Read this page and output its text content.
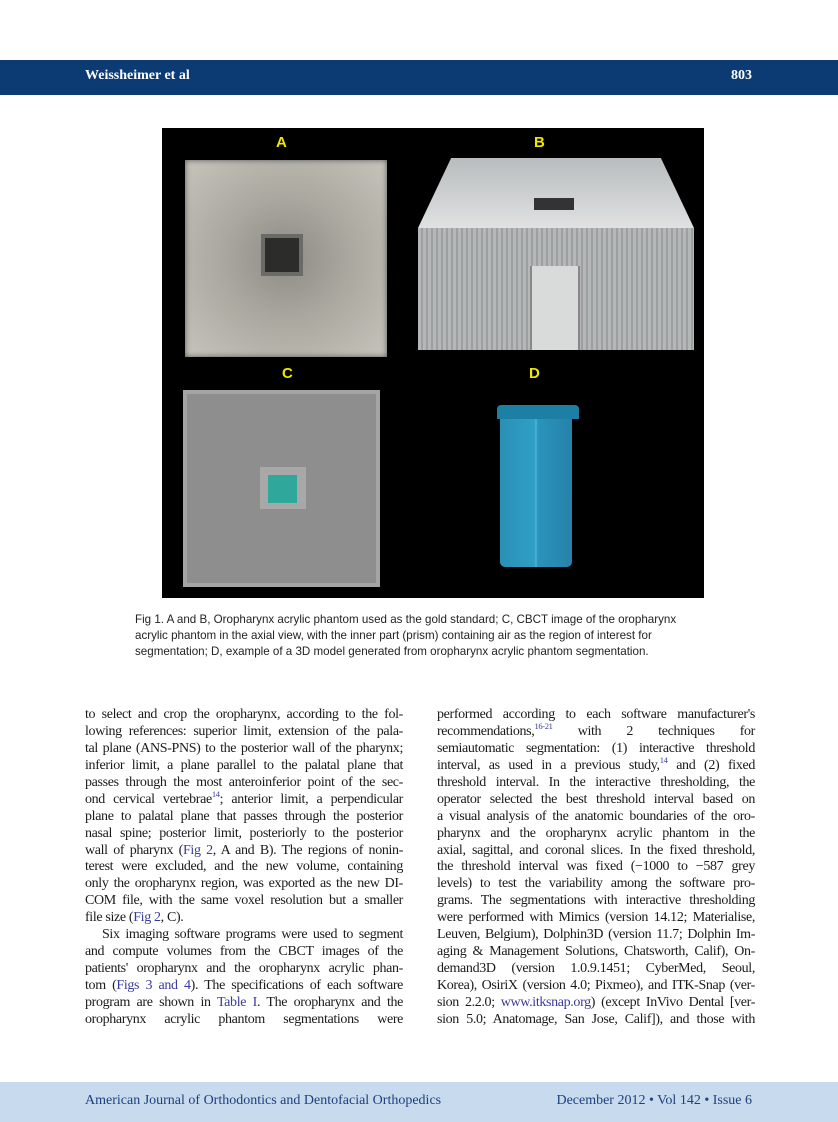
Weissheimer et al	803
A	B
C	D
Fig 1. A and B, Oropharynx acrylic phantom used as the gold standard; C, CBCT image of the oropharynx acrylic phantom in the axial view, with the inner part (prism) containing air as the region of interest for segmentation; D, example of a 3D model generated from oropharynx acrylic phantom segmentation.
to select and crop the oropharynx, according to the fol-
lowing references: superior limit, extension of the pala-
tal plane (ANS-PNS) to the posterior wall of the pharynx;
inferior limit, a plane parallel to the palatal plane that
passes through the most anteroinferior point of the sec-
ond cervical vertebrae$^{14}$; anterior limit, a perpendicular
plane to palatal plane that passes through the posterior
nasal spine; posterior limit, posteriorly to the posterior
wall of pharynx (Fig 2, A and B). The regions of nonin-
terest were excluded, and the new volume, containing
only the oropharynx region, was exported as the new DI-
COM file, with the same voxel resolution but a smaller
file size (Fig 2, C).
Six imaging software programs were used to segment
and compute volumes from the CBCT images of the
patients' oropharynx and the oropharynx acrylic phan-
tom (Figs 3 and 4). The specifications of each software
program are shown in Table I. The oropharynx and the
oropharynx acrylic phantom segmentations were
performed according to each software manufacturer's
recommendations,$^{16-21}$ with 2 techniques for
semiautomatic segmentation: (1) interactive threshold
interval, as used in a previous study,$^{14}$ and (2) fixed
threshold interval. In the interactive thresholding, the
operator selected the best threshold interval based on
a visual analysis of the anatomic boundaries of the oro-
pharynx and the oropharynx acrylic phantom in the
axial, sagittal, and coronal slices. In the fixed threshold,
the threshold interval was fixed (−1000 to −587 grey
levels) to test the variability among the software pro-
grams. The segmentations with interactive thresholding
were performed with Mimics (version 14.12; Materialise,
Leuven, Belgium), Dolphin3D (version 11.7; Dolphin Im-
aging & Management Solutions, Chatsworth, Calif), On-
demand3D (version 1.0.9.1451; CyberMed, Seoul,
Korea), OsiriX (version 4.0; Pixmeo), and ITK-Snap (ver-
sion 2.2.0; www.itksnap.org) (except InVivo Dental [ver-
sion 5.0; Anatomage, San Jose, Calif]), and those with
American Journal of Orthodontics and Dentofacial Orthopedics	December 2012 • Vol 142 • Issue 6
